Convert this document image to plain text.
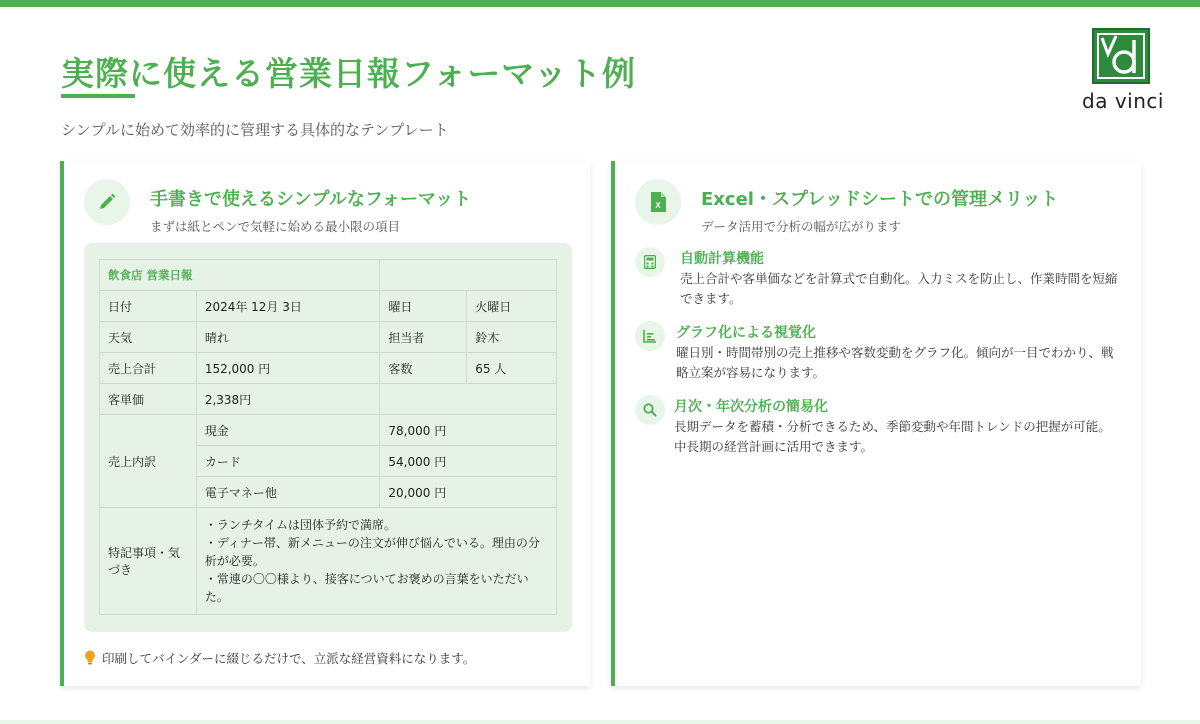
実際に使える営業日報フォーマット例
シンプルに始めて効率的に管理する具体的なテンプレート
da vinci
手書きで使えるシンプルなフォーマット
まずは紙とペンで気軽に始める最小限の項目
飲食店 営業日報			
日付	2024年 12月 3日	曜日	火曜日
天気	晴れ	担当者	鈴木
売上合計	152,000 円	客数	65 人
客単価	2,338円		
売上内訳	現金	78,000 円	
	カード	54,000 円	
	電子マネー他	20,000 円	
特記事項・気づき	・ランチタイムは団体予約で満席。
・ディナー帯、新メニューの注文が伸び悩んでいる。理由の分析が必要。
・常連の〇〇様より、接客についてお褒めの言葉をいただいた。		
印刷してバインダーに綴じるだけで、立派な経営資料になります。
X Excel・スプレッドシートでの管理メリット
データ活用で分析の幅が広がります
自動計算機能
売上合計や客単価などを計算式で自動化。入力ミスを防止し、作業時間を短縮できます。
グラフ化による視覚化
曜日別・時間帯別の売上推移や客数変動をグラフ化。傾向が一目でわかり、戦略立案が容易になります。
月次・年次分析の簡易化
長期データを蓄積・分析できるため、季節変動や年間トレンドの把握が可能。中長期の経営計画に活用できます。
